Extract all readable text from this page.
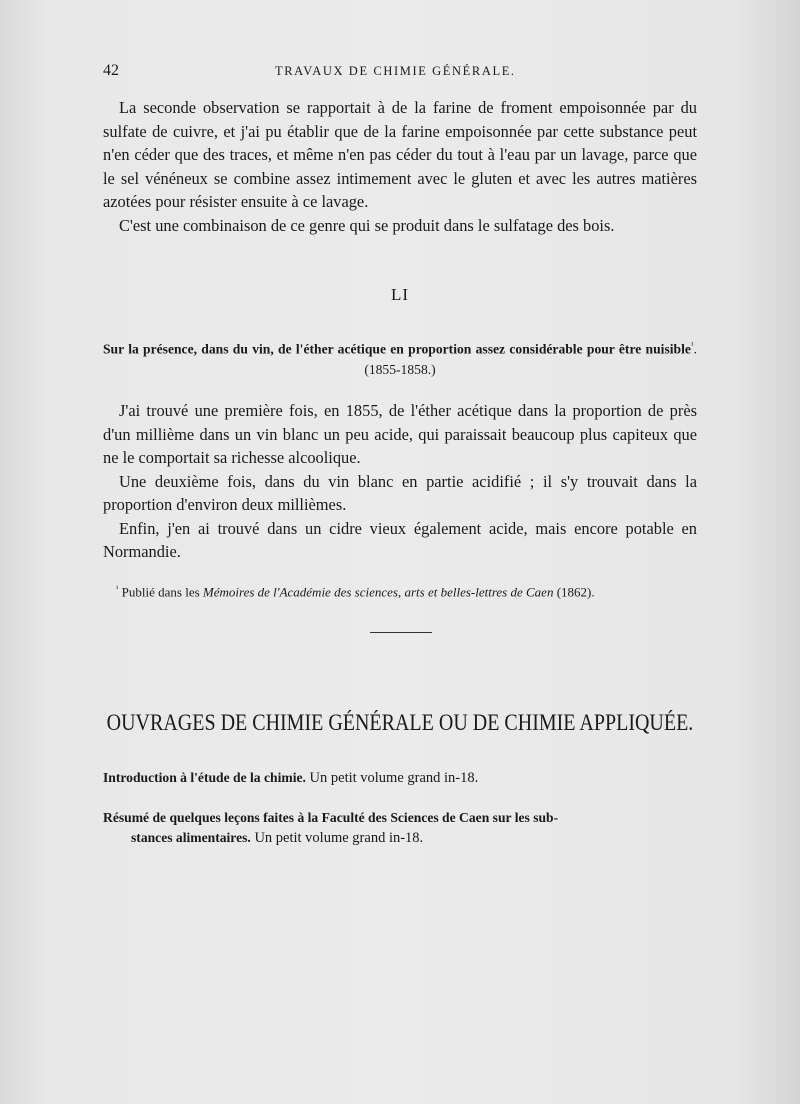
42	TRAVAUX DE CHIMIE GÉNÉRALE.

La seconde observation se rapportait à de la farine de froment empoisonnée par du sulfate de cuivre, et j'ai pu établir que de la farine empoisonnée par cette substance peut n'en céder que des traces, et même n'en pas céder du tout à l'eau par un lavage, parce que le sel vénéneux se combine assez intimement avec le gluten et avec les autres matières azotées pour résister ensuite à ce lavage.

C'est une combinaison de ce genre qui se produit dans le sulfatage des bois.

LI
Sur la présence, dans du vin, de l'éther acétique en proportion assez considérable pour être nuisible$^{^1}$. (1855-1858.)

J'ai trouvé une première fois, en 1855, de l'éther acétique dans la proportion de près d'un millième dans un vin blanc un peu acide, qui paraissait beaucoup plus capiteux que ne le comportait sa richesse alcoolique.

Une deuxième fois, dans du vin blanc en partie acidifié ; il s'y trouvait dans la proportion d'environ deux millièmes.

Enfin, j'en ai trouvé dans un cidre vieux également acide, mais encore potable en Normandie.

$^{^1}$ Publié dans les Mémoires de l'Académie des sciences, arts et belles-lettres de Caen (1862).
OUVRAGES DE CHIMIE GÉNÉRALE OU DE CHIMIE APPLIQUÉE.
Introduction à l'étude de la chimie. Un petit volume grand in-18.
Résumé de quelques leçons faites à la Faculté des Sciences de Caen sur les sub-
stances alimentaires. Un petit volume grand in-18.
